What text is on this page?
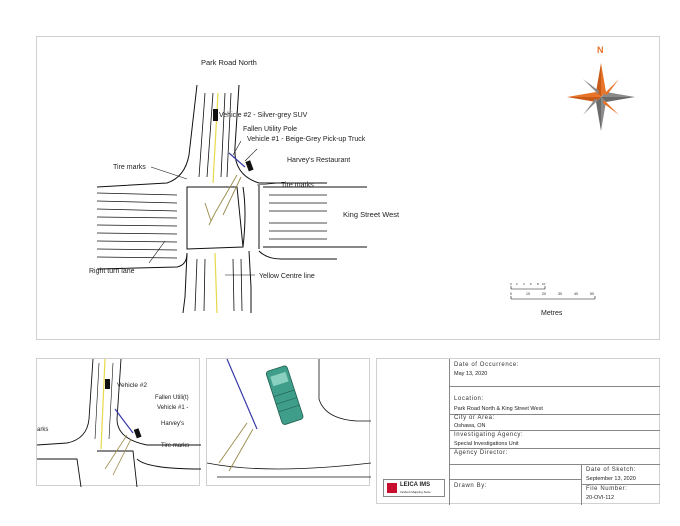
Park Road North
King Street West
Vehicle #2 - Silver-grey SUV
Fallen Utility Pole
Vehicle #1 - Beige-Grey Pick-up Truck
Harvey's Restaurant
Tire marks
Tire marks
Right turn lane
Yellow Centre line
N
0 2 4 6 8 10
0	10	20	30	40	50
Metres
Vehicle #2
Fallen Utili(t)
Vehicle #1 -
Harvey's
arks
Tire marks
LEICA IMS
Incident Mapping Suite
Date of Occurrence:
May 13, 2020
Location:
Park Road North & King Street West
City or Area:
Oshawa, ON
Investigating Agency:
Special Investigations Unit
Agency Director:
Date of Sketch:
September 13, 2020
File Number:
20-OVI-112
Drawn By:
